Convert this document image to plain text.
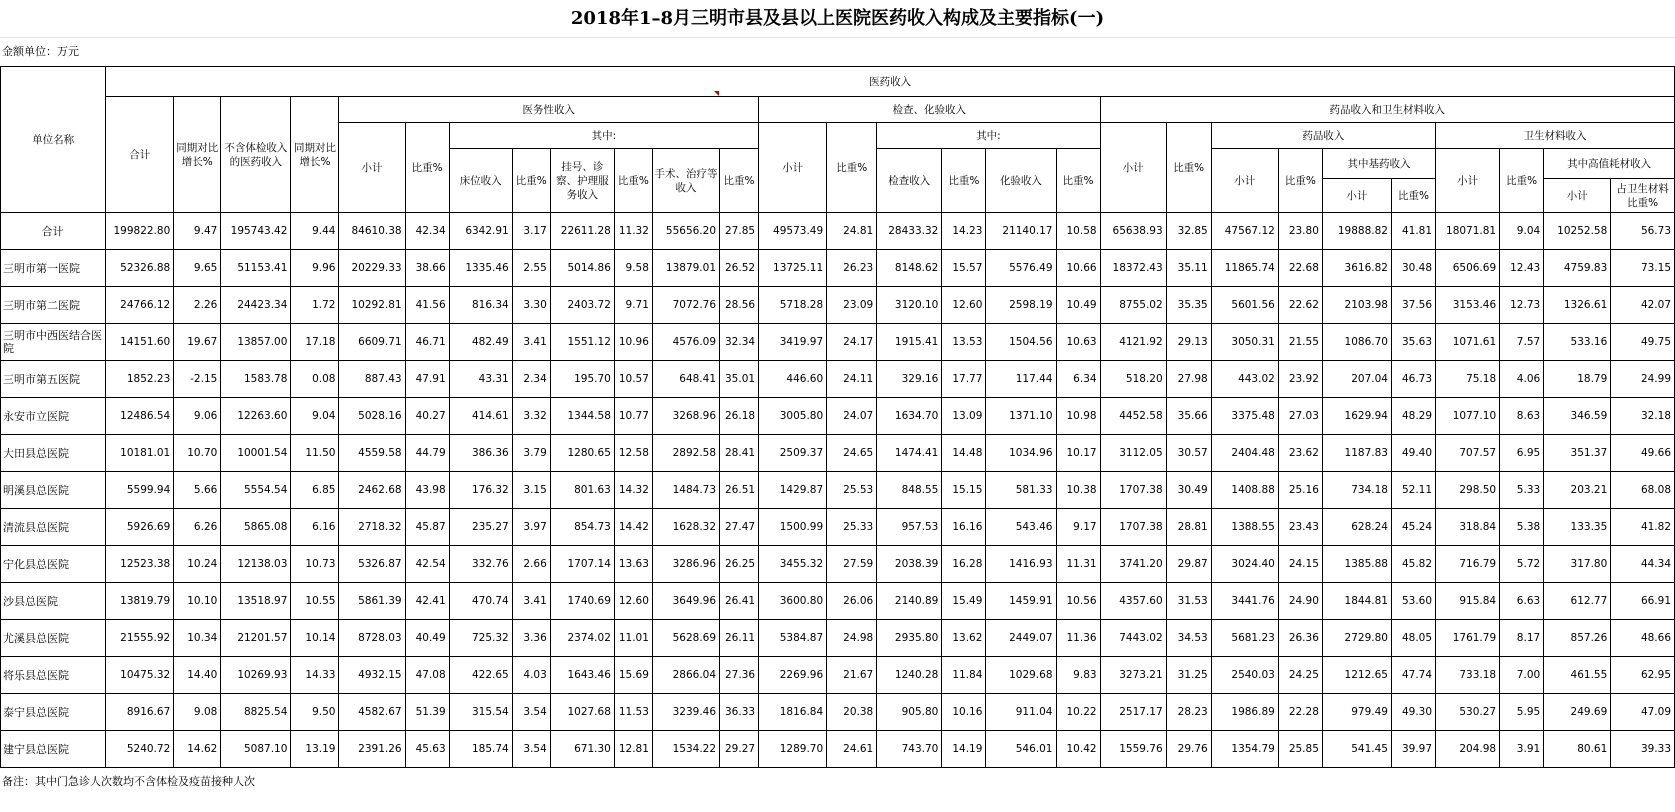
2018年1–8月三明市县及县以上医院医药收入构成及主要指标(一)
金额单位：万元
单位名称	医药收入																											
	合计	同期对比增长%	不含体检收入的医药收入	同期对比增长%	医务性收入								检查、化验收入						药品收入和卫生材料收入									
					小计	比重%	其中:						小计	比重%	其中:				小计	比重%	药品收入				卫生材料收入			
							床位收入	比重%	挂号、诊察、护理服务收入	比重%	手术、治疗等收入	比重%			检查收入	比重%	化验收入	比重%			小计	比重%	其中基药收入		小计	比重%	其中高值耗材收入	
																							小计	比重%			小计	占卫生材料比重%

合计	199822.80	9.47	195743.42	9.44	84610.38	42.34	6342.91	3.17	22611.28	11.32	55656.20	27.85	49573.49	24.81	28433.32	14.23	21140.17	10.58	65638.93	32.85	47567.12	23.80	19888.82	41.81	18071.81	9.04	10252.58	56.73
三明市第一医院	52326.88	9.65	51153.41	9.96	20229.33	38.66	1335.46	2.55	5014.86	9.58	13879.01	26.52	13725.11	26.23	8148.62	15.57	5576.49	10.66	18372.43	35.11	11865.74	22.68	3616.82	30.48	6506.69	12.43	4759.83	73.15
三明市第二医院	24766.12	2.26	24423.34	1.72	10292.81	41.56	816.34	3.30	2403.72	9.71	7072.76	28.56	5718.28	23.09	3120.10	12.60	2598.19	10.49	8755.02	35.35	5601.56	22.62	2103.98	37.56	3153.46	12.73	1326.61	42.07
三明市中西医结合医院	14151.60	19.67	13857.00	17.18	6609.71	46.71	482.49	3.41	1551.12	10.96	4576.09	32.34	3419.97	24.17	1915.41	13.53	1504.56	10.63	4121.92	29.13	3050.31	21.55	1086.70	35.63	1071.61	7.57	533.16	49.75
三明市第五医院	1852.23	-2.15	1583.78	0.08	887.43	47.91	43.31	2.34	195.70	10.57	648.41	35.01	446.60	24.11	329.16	17.77	117.44	6.34	518.20	27.98	443.02	23.92	207.04	46.73	75.18	4.06	18.79	24.99
永安市立医院	12486.54	9.06	12263.60	9.04	5028.16	40.27	414.61	3.32	1344.58	10.77	3268.96	26.18	3005.80	24.07	1634.70	13.09	1371.10	10.98	4452.58	35.66	3375.48	27.03	1629.94	48.29	1077.10	8.63	346.59	32.18
大田县总医院	10181.01	10.70	10001.54	11.50	4559.58	44.79	386.36	3.79	1280.65	12.58	2892.58	28.41	2509.37	24.65	1474.41	14.48	1034.96	10.17	3112.05	30.57	2404.48	23.62	1187.83	49.40	707.57	6.95	351.37	49.66
明溪县总医院	5599.94	5.66	5554.54	6.85	2462.68	43.98	176.32	3.15	801.63	14.32	1484.73	26.51	1429.87	25.53	848.55	15.15	581.33	10.38	1707.38	30.49	1408.88	25.16	734.18	52.11	298.50	5.33	203.21	68.08
清流县总医院	5926.69	6.26	5865.08	6.16	2718.32	45.87	235.27	3.97	854.73	14.42	1628.32	27.47	1500.99	25.33	957.53	16.16	543.46	9.17	1707.38	28.81	1388.55	23.43	628.24	45.24	318.84	5.38	133.35	41.82
宁化县总医院	12523.38	10.24	12138.03	10.73	5326.87	42.54	332.76	2.66	1707.14	13.63	3286.96	26.25	3455.32	27.59	2038.39	16.28	1416.93	11.31	3741.20	29.87	3024.40	24.15	1385.88	45.82	716.79	5.72	317.80	44.34
沙县总医院	13819.79	10.10	13518.97	10.55	5861.39	42.41	470.74	3.41	1740.69	12.60	3649.96	26.41	3600.80	26.06	2140.89	15.49	1459.91	10.56	4357.60	31.53	3441.76	24.90	1844.81	53.60	915.84	6.63	612.77	66.91
尤溪县总医院	21555.92	10.34	21201.57	10.14	8728.03	40.49	725.32	3.36	2374.02	11.01	5628.69	26.11	5384.87	24.98	2935.80	13.62	2449.07	11.36	7443.02	34.53	5681.23	26.36	2729.80	48.05	1761.79	8.17	857.26	48.66
将乐县总医院	10475.32	14.40	10269.93	14.33	4932.15	47.08	422.65	4.03	1643.46	15.69	2866.04	27.36	2269.96	21.67	1240.28	11.84	1029.68	9.83	3273.21	31.25	2540.03	24.25	1212.65	47.74	733.18	7.00	461.55	62.95
泰宁县总医院	8916.67	9.08	8825.54	9.50	4582.67	51.39	315.54	3.54	1027.68	11.53	3239.46	36.33	1816.84	20.38	905.80	10.16	911.04	10.22	2517.17	28.23	1986.89	22.28	979.49	49.30	530.27	5.95	249.69	47.09
建宁县总医院	5240.72	14.62	5087.10	13.19	2391.26	45.63	185.74	3.54	671.30	12.81	1534.22	29.27	1289.70	24.61	743.70	14.19	546.01	10.42	1559.76	29.76	1354.79	25.85	541.45	39.97	204.98	3.91	80.61	39.33
备注：其中门急诊人次数均不含体检及疫苗接种人次
